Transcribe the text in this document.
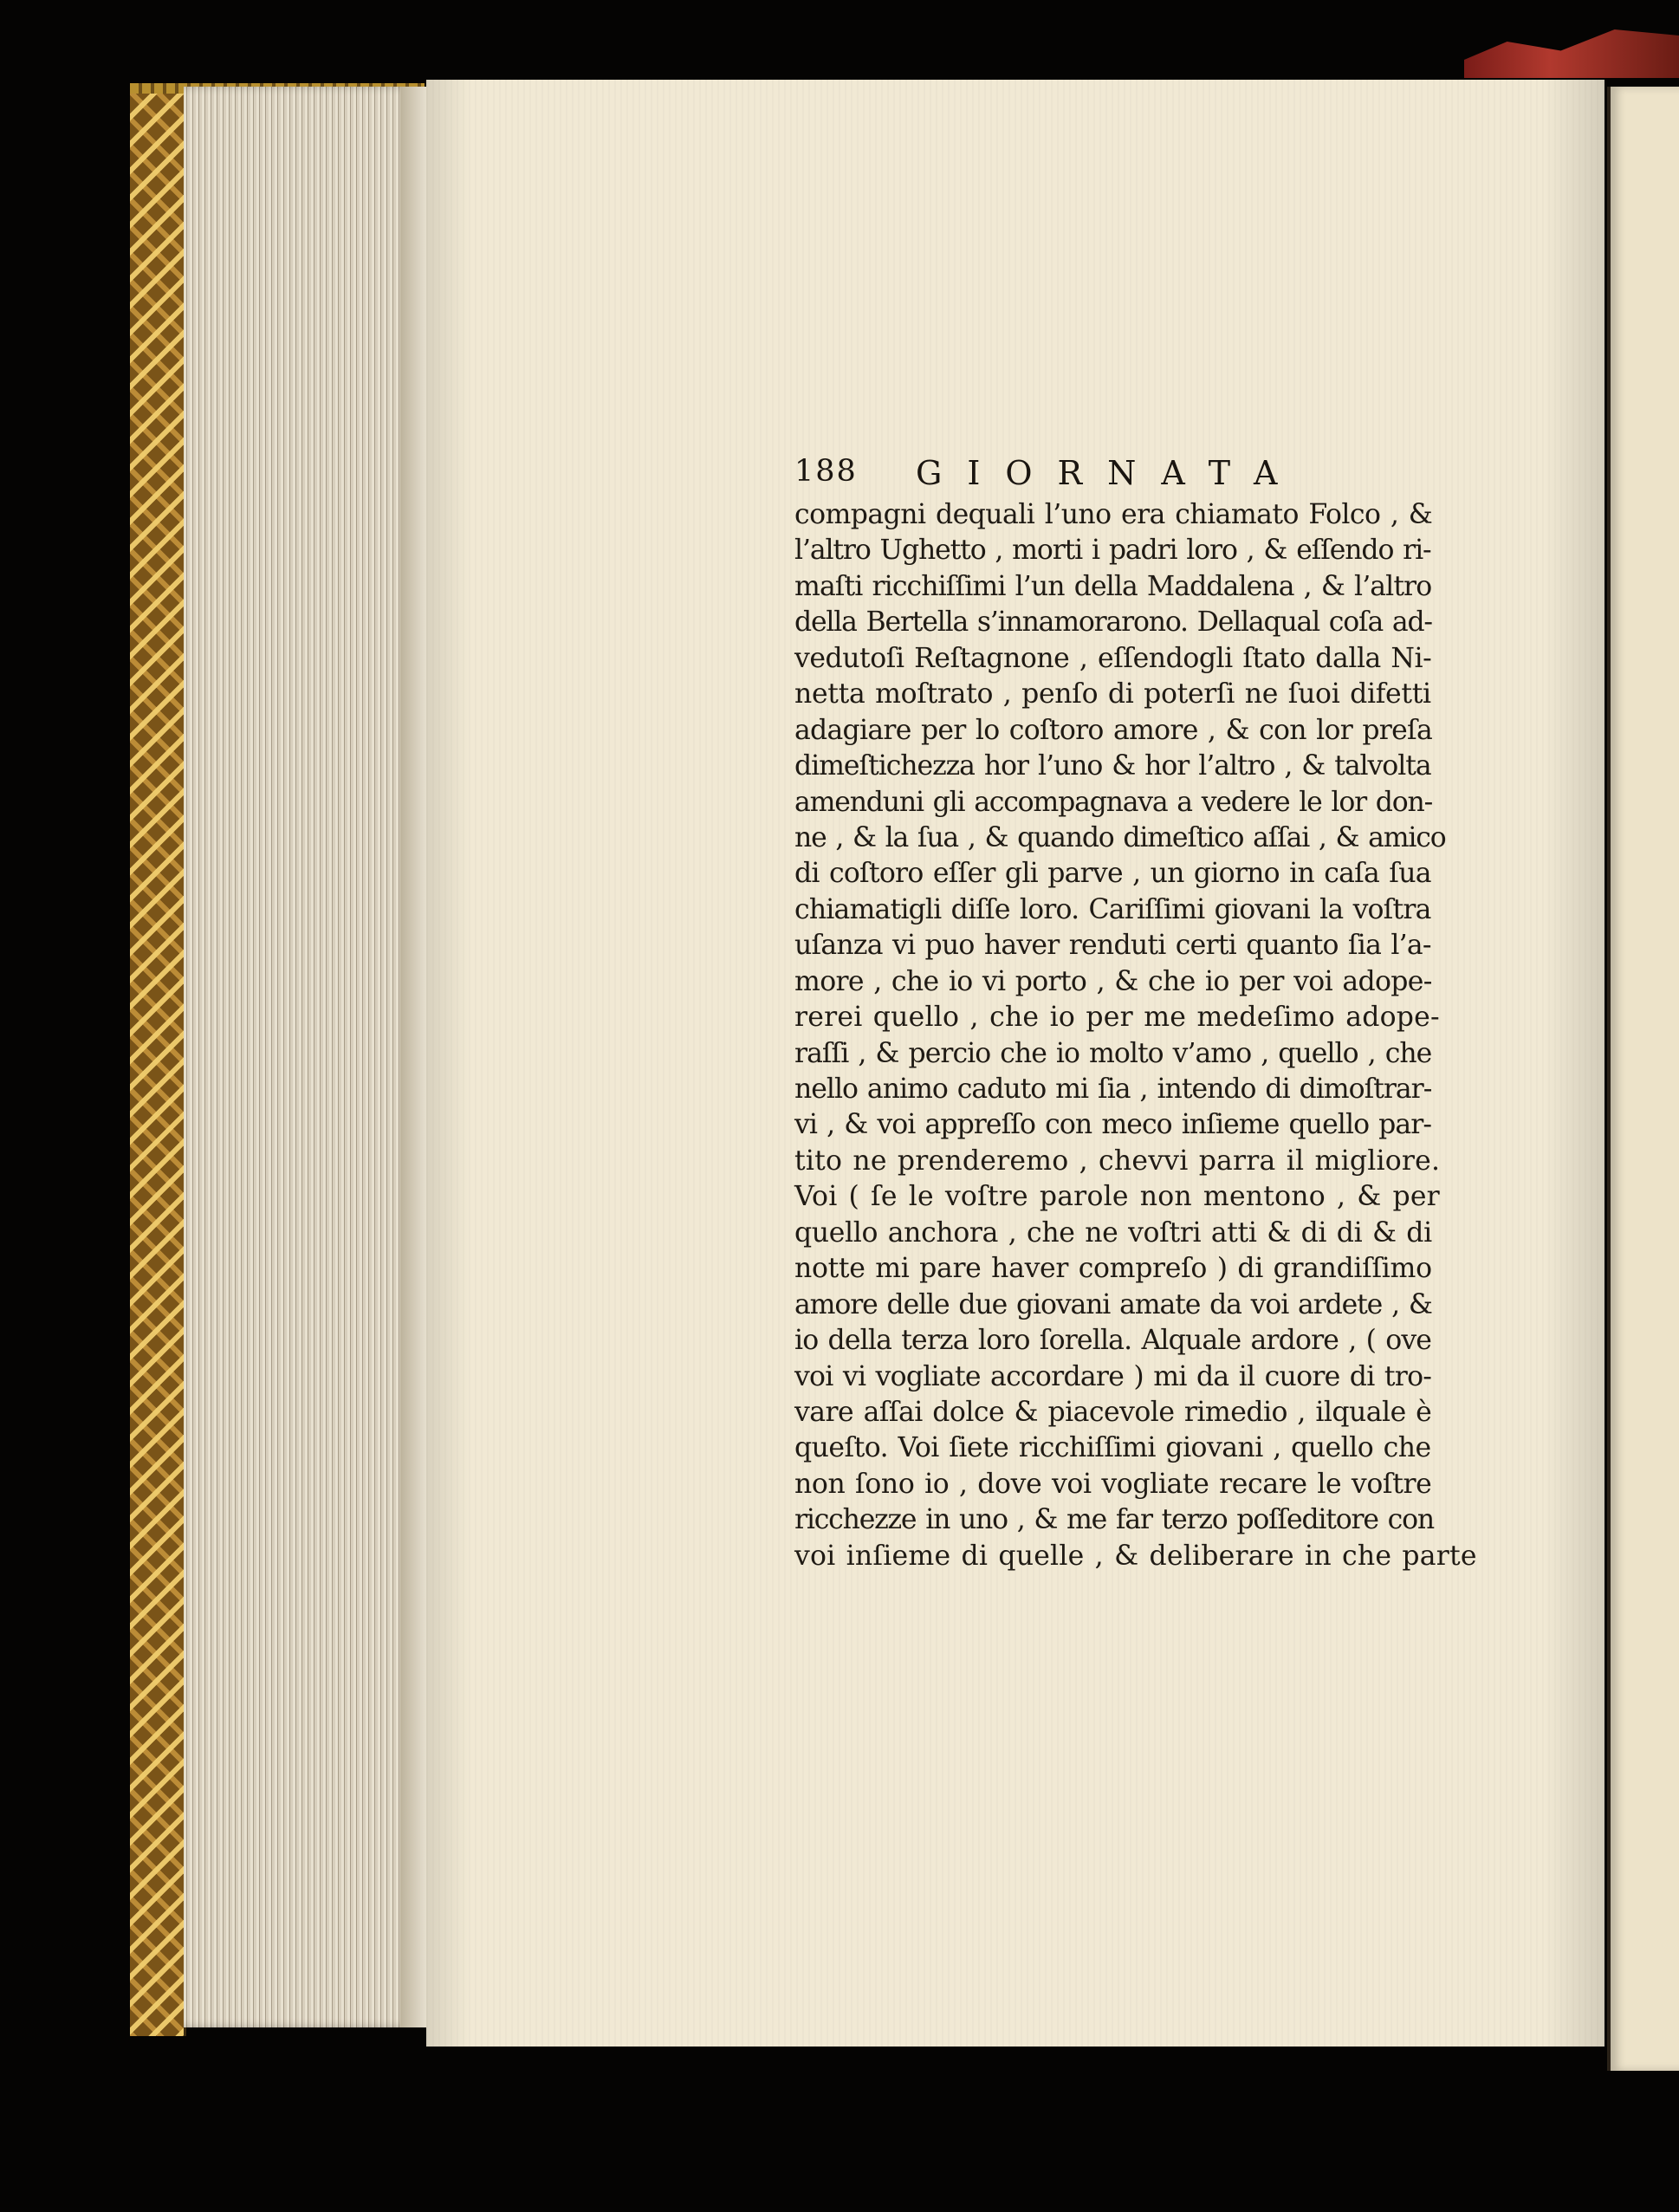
188 GIORNATA
compagni dequali l’uno era chiamato Folco , &
l’altro Ughetto , morti i padri loro , & eſſendo ri-
maſti ricchiſſimi l’un della Maddalena , & l’altro
della Bertella s’innamorarono. Dellaqual coſa ad-
vedutoſi Reſtagnone , eſſendogli ſtato dalla Ni-
netta moſtrato , penſo di poterſi ne ſuoi difetti
adagiare per lo coſtoro amore , & con lor preſa
dimeſtichezza hor l’uno & hor l’altro , & talvolta
amenduni gli accompagnava a vedere le lor don-
ne , & la ſua , & quando dimeſtico aſſai , & amico
di coſtoro eſſer gli parve , un giorno in caſa ſua
chiamatigli diſſe loro. Cariſſimi giovani la voſtra
uſanza vi puo haver renduti certi quanto ſia l’a-
more , che io vi porto , & che io per voi adope-
rerei quello , che io per me medeſimo adope-
raſſi , & percio che io molto v’amo , quello , che
nello animo caduto mi ſia , intendo di dimoſtrar-
vi , & voi appreſſo con meco inſieme quello par-
tito ne prenderemo , chevvi parra il migliore.
Voi ( ſe le voſtre parole non mentono , & per
quello anchora , che ne voſtri atti & di di & di
notte mi pare haver compreſo ) di grandiſſimo
amore delle due giovani amate da voi ardete , &
io della terza loro ſorella. Alquale ardore , ( ove
voi vi vogliate accordare ) mi da il cuore di tro-
vare aſſai dolce & piacevole rimedio , ilquale è
queſto. Voi ſiete ricchiſſimi giovani , quello che
non ſono io , dove voi vogliate recare le voſtre
ricchezze in uno , & me far terzo poſſeditore con
voi inſieme di quelle , & deliberare in che parte
